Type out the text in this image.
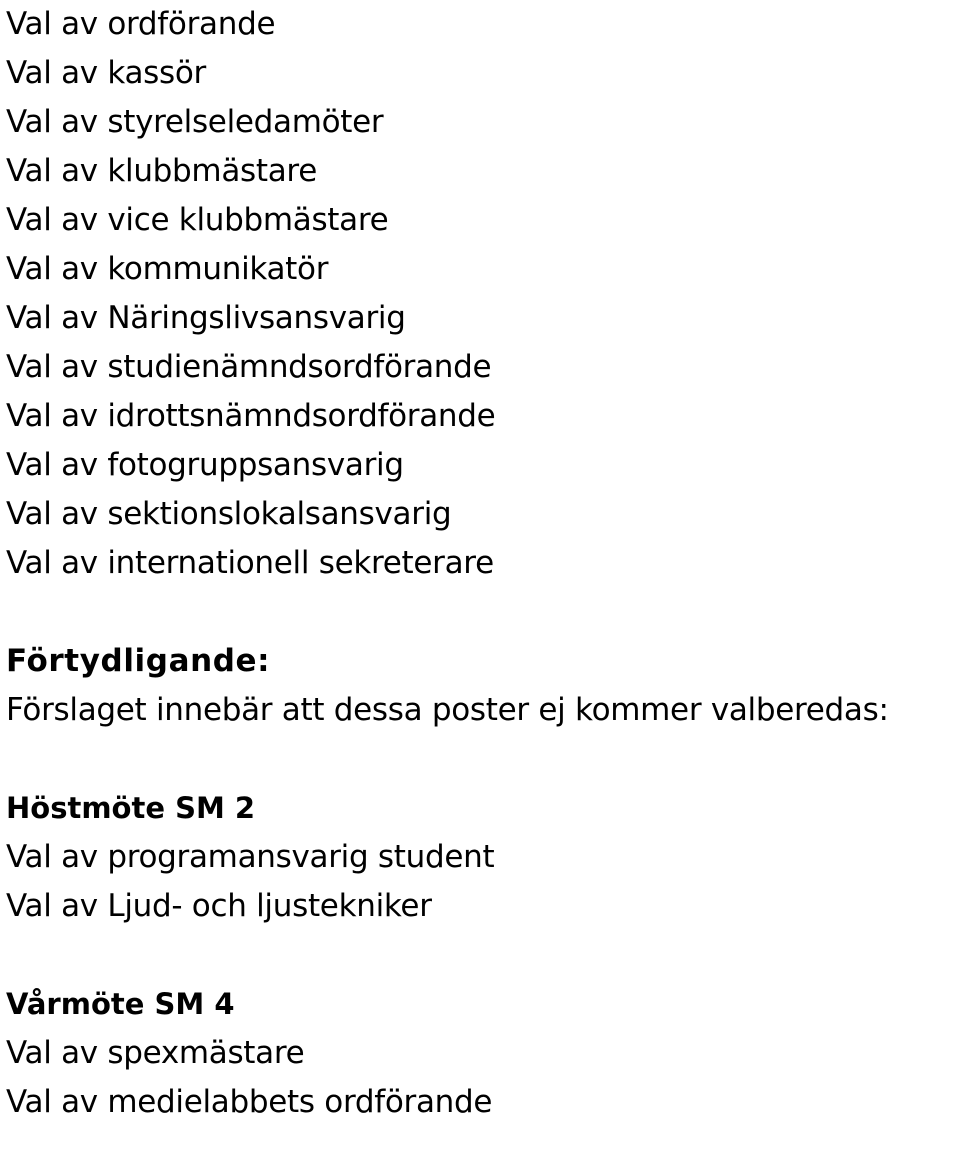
Val av ordförande
Val av kassör
Val av styrelseledamöter
Val av klubbmästare
Val av vice klubbmästare
Val av kommunikatör
Val av Näringslivsansvarig
Val av studienämndsordförande
Val av idrottsnämndsordförande
Val av fotogruppsansvarig
Val av sektionslokalsansvarig
Val av internationell sekreterare
Förtydligande:
Förslaget innebär att dessa poster ej kommer valberedas:
Höstmöte SM 2
Val av programansvarig student
Val av Ljud- och ljustekniker
Vårmöte SM 4
Val av spexmästare
Val av medielabbets ordförande
